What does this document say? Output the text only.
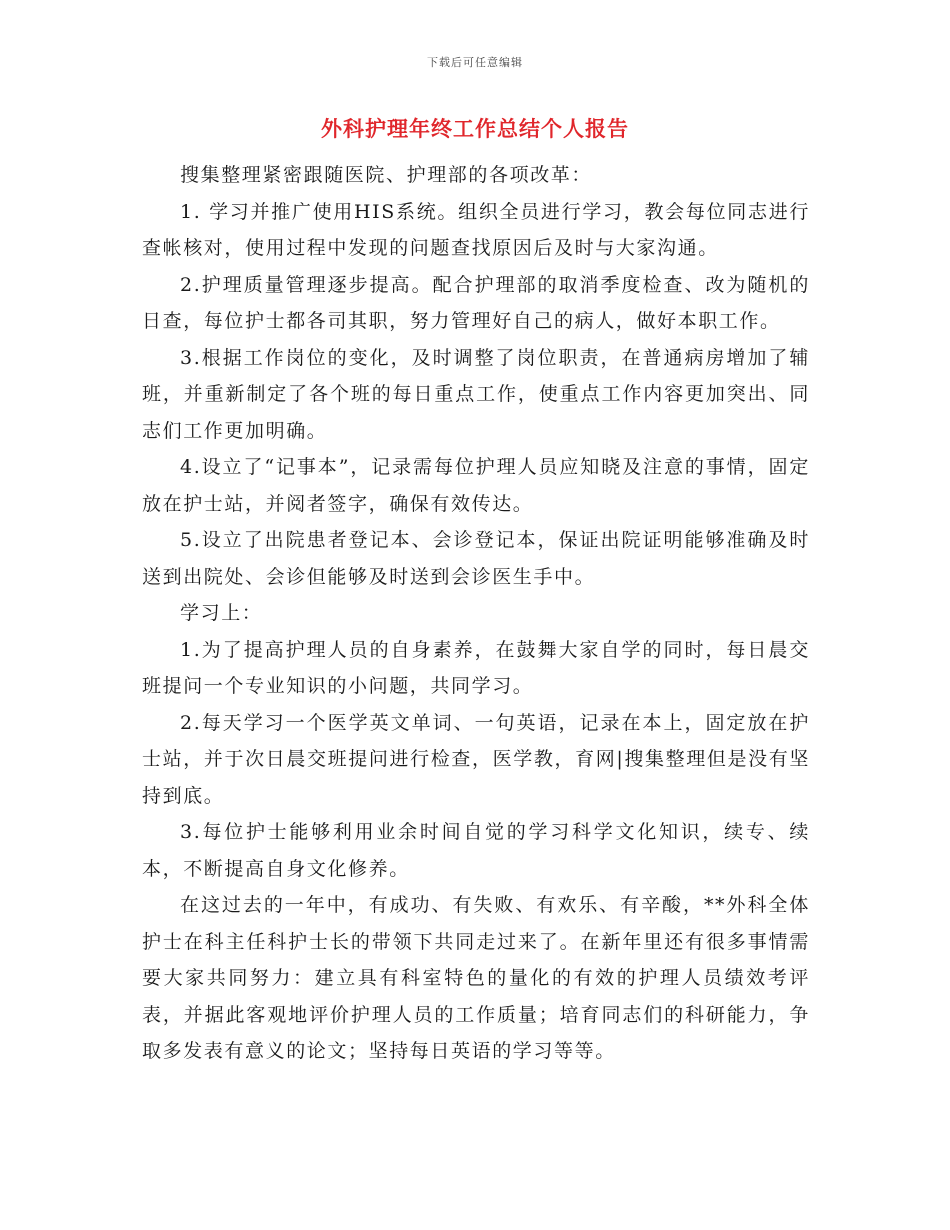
下载后可任意编辑
外科护理年终工作总结个人报告

搜集整理紧密跟随医院、护理部的各项改革：

1. 学习并推广使用HIS系统。组织全员进行学习，教会每位同志进行查帐核对，使用过程中发现的问题查找原因后及时与大家沟通。

2.护理质量管理逐步提高。配合护理部的取消季度检查、改为随机的日查，每位护士都各司其职，努力管理好自己的病人，做好本职工作。

3.根据工作岗位的变化，及时调整了岗位职责，在普通病房增加了辅班，并重新制定了各个班的每日重点工作，使重点工作内容更加突出、同志们工作更加明确。

4.设立了“记事本”，记录需每位护理人员应知晓及注意的事情，固定放在护士站，并阅者签字，确保有效传达。

5.设立了出院患者登记本、会诊登记本，保证出院证明能够准确及时送到出院处、会诊但能够及时送到会诊医生手中。

学习上：

1.为了提高护理人员的自身素养，在鼓舞大家自学的同时，每日晨交班提问一个专业知识的小问题，共同学习。

2.每天学习一个医学英文单词、一句英语，记录在本上，固定放在护士站，并于次日晨交班提问进行检查，医学教，育网|搜集整理但是没有坚持到底。

3.每位护士能够利用业余时间自觉的学习科学文化知识，续专、续本，不断提高自身文化修养。

在这过去的一年中，有成功、有失败、有欢乐、有辛酸，**外科全体护士在科主任科护士长的带领下共同走过来了。在新年里还有很多事情需要大家共同努力：建立具有科室特色的量化的有效的护理人员绩效考评表，并据此客观地评价护理人员的工作质量；培育同志们的科研能力，争取多发表有意义的论文；坚持每日英语的学习等等。
